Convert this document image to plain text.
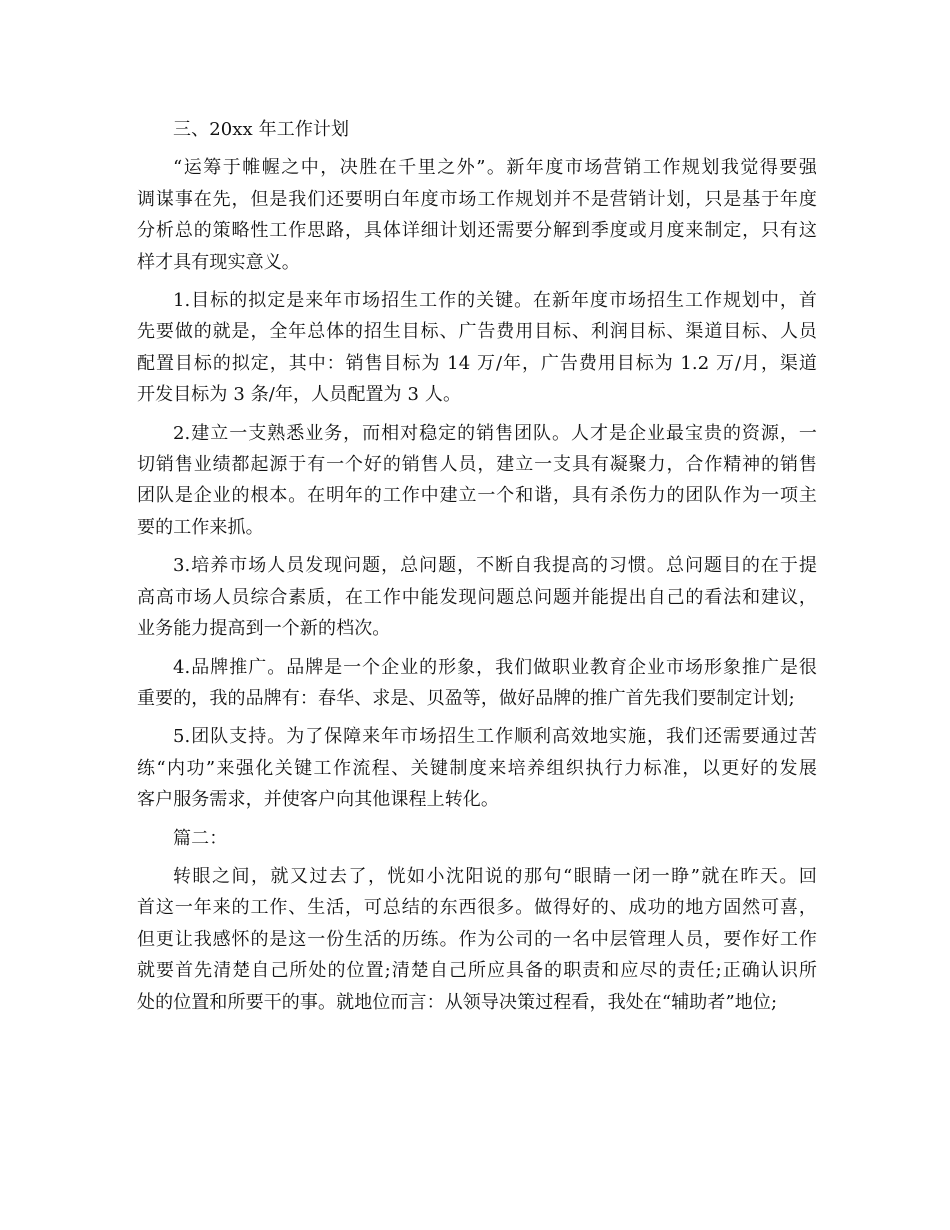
三、20xx 年工作计划
“运筹于帷幄之中，决胜在千里之外”。新年度市场营销工作规划我觉得要强
调谋事在先，但是我们还要明白年度市场工作规划并不是营销计划，只是基于年度
分析总的策略性工作思路，具体详细计划还需要分解到季度或月度来制定，只有这
样才具有现实意义。
1.目标的拟定是来年市场招生工作的关键。在新年度市场招生工作规划中，首
先要做的就是，全年总体的招生目标、广告费用目标、利润目标、渠道目标、人员
配置目标的拟定，其中：销售目标为 14 万/年，广告费用目标为 1.2 万/月，渠道
开发目标为 3 条/年，人员配置为 3 人。
2.建立一支熟悉业务，而相对稳定的销售团队。人才是企业最宝贵的资源，一
切销售业绩都起源于有一个好的销售人员，建立一支具有凝聚力，合作精神的销售
团队是企业的根本。在明年的工作中建立一个和谐，具有杀伤力的团队作为一项主
要的工作来抓。
3.培养市场人员发现问题，总问题，不断自我提高的习惯。总问题目的在于提
高高市场人员综合素质，在工作中能发现问题总问题并能提出自己的看法和建议，
业务能力提高到一个新的档次。
4.品牌推广。品牌是一个企业的形象，我们做职业教育企业市场形象推广是很
重要的，我的品牌有：春华、求是、贝盈等，做好品牌的推广首先我们要制定计划;
5.团队支持。为了保障来年市场招生工作顺利高效地实施，我们还需要通过苦
练“内功”来强化关键工作流程、关键制度来培养组织执行力标准，以更好的发展
客户服务需求，并使客户向其他课程上转化。
篇二：
转眼之间，就又过去了，恍如小沈阳说的那句“眼睛一闭一睁”就在昨天。回
首这一年来的工作、生活，可总结的东西很多。做得好的、成功的地方固然可喜，
但更让我感怀的是这一份生活的历练。作为公司的一名中层管理人员，要作好工作
就要首先清楚自己所处的位置;清楚自己所应具备的职责和应尽的责任;正确认识所
处的位置和所要干的事。就地位而言：从领导决策过程看，我处在“辅助者”地位;
